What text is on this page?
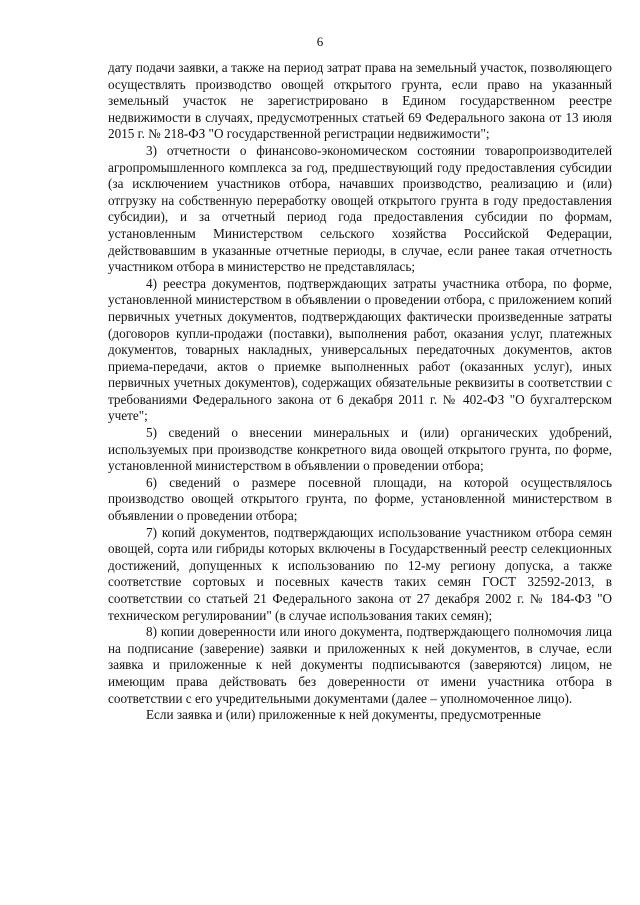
6

дату подачи заявки, а также на период затрат права на земельный участок, позволяющего осуществлять производство овощей открытого грунта, если право на указанный земельный участок не зарегистрировано в Едином государственном реестре недвижимости в случаях, предусмотренных статьей 69 Федерального закона от 13 июля 2015 г. № 218-ФЗ "О государственной регистрации недвижимости";

3) отчетности о финансово-экономическом состоянии товаропроизводителей агропромышленного комплекса за год, предшествующий году предоставления субсидии (за исключением участников отбора, начавших производство, реализацию и (или) отгрузку на собственную переработку овощей открытого грунта в году предоставления субсидии), и за отчетный период года предоставления субсидии по формам, установленным Министерством сельского хозяйства Российской Федерации, действовавшим в указанные отчетные периоды, в случае, если ранее такая отчетность участником отбора в министерство не представлялась;

4) реестра документов, подтверждающих затраты участника отбора, по форме, установленной министерством в объявлении о проведении отбора, с приложением копий первичных учетных документов, подтверждающих фактически произведенные затраты (договоров купли-продажи (поставки), выполнения работ, оказания услуг, платежных документов, товарных накладных, универсальных передаточных документов, актов приема-передачи, актов о приемке выполненных работ (оказанных услуг), иных первичных учетных документов), содержащих обязательные реквизиты в соответствии с требованиями Федерального закона от 6 декабря 2011 г. № 402-ФЗ "О бухгалтерском учете";

5) сведений о внесении минеральных и (или) органических удобрений, используемых при производстве конкретного вида овощей открытого грунта, по форме, установленной министерством в объявлении о проведении отбора;

6) сведений о размере посевной площади, на которой осуществлялось производство овощей открытого грунта, по форме, установленной министерством в объявлении о проведении отбора;

7) копий документов, подтверждающих использование участником отбора семян овощей, сорта или гибриды которых включены в Государственный реестр селекционных достижений, допущенных к использованию по 12-му региону допуска, а также соответствие сортовых и посевных качеств таких семян ГОСТ 32592-2013, в соответствии со статьей 21 Федерального закона от 27 декабря 2002 г. № 184-ФЗ "О техническом регулировании" (в случае использования таких семян);

8) копии доверенности или иного документа, подтверждающего полномочия лица на подписание (заверение) заявки и приложенных к ней документов, в случае, если заявка и приложенные к ней документы подписываются (заверяются) лицом, не имеющим права действовать без доверенности от имени участника отбора в соответствии с его учредительными документами (далее – уполномоченное лицо).

Если заявка и (или) приложенные к ней документы, предусмотренные
